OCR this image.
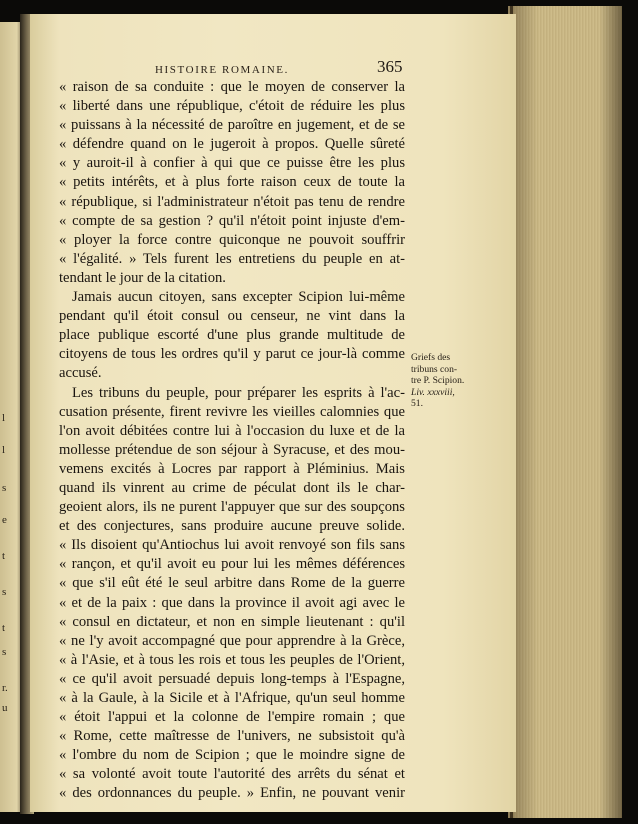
l
l
s
e
t
s
t
s
r.
u
HISTOIRE ROMAINE.	365
« raison de sa conduite : que le moyen de conserver la
« liberté dans une république, c'étoit de réduire les plus
« puissans à la nécessité de paroître en jugement, et de se
« défendre quand on le jugeroit à propos. Quelle sûreté
« y auroit-il à confier à qui que ce puisse être les plus
« petits intérêts, et à plus forte raison ceux de toute la
« république, si l'administrateur n'étoit pas tenu de rendre
« compte de sa gestion ? qu'il n'étoit point injuste d'em-
« ployer la force contre quiconque ne pouvoit souffrir
« l'égalité. » Tels furent les entretiens du peuple en at-
tendant le jour de la citation.
Jamais aucun citoyen, sans excepter Scipion lui-même
pendant qu'il étoit consul ou censeur, ne vint dans la
place publique escorté d'une plus grande multitude de
citoyens de tous les ordres qu'il y parut ce jour-là comme
accusé.
Les tribuns du peuple, pour préparer les esprits à l'ac-
cusation présente, firent revivre les vieilles calomnies que
l'on avoit débitées contre lui à l'occasion du luxe et de la
mollesse prétendue de son séjour à Syracuse, et des mou-
vemens excités à Locres par rapport à Pléminius. Mais
quand ils vinrent au crime de péculat dont ils le char-
geoient alors, ils ne purent l'appuyer que sur des soupçons
et des conjectures, sans produire aucune preuve solide.
« Ils disoient qu'Antiochus lui avoit renvoyé son fils sans
« rançon, et qu'il avoit eu pour lui les mêmes déférences
« que s'il eût été le seul arbitre dans Rome de la guerre
« et de la paix : que dans la province il avoit agi avec le
« consul en dictateur, et non en simple lieutenant : qu'il
« ne l'y avoit accompagné que pour apprendre à la Grèce,
« à l'Asie, et à tous les rois et tous les peuples de l'Orient,
« ce qu'il avoit persuadé depuis long-temps à l'Espagne,
« à la Gaule, à la Sicile et à l'Afrique, qu'un seul homme
« étoit l'appui et la colonne de l'empire romain ; que
« Rome, cette maîtresse de l'univers, ne subsistoit qu'à
« l'ombre du nom de Scipion ; que le moindre signe de
« sa volonté avoit toute l'autorité des arrêts du sénat et
« des ordonnances du peuple. » Enfin, ne pouvant venir
Griefs des
tribuns con-
tre P. Scipion.
Liv. xxxviii,
51.
